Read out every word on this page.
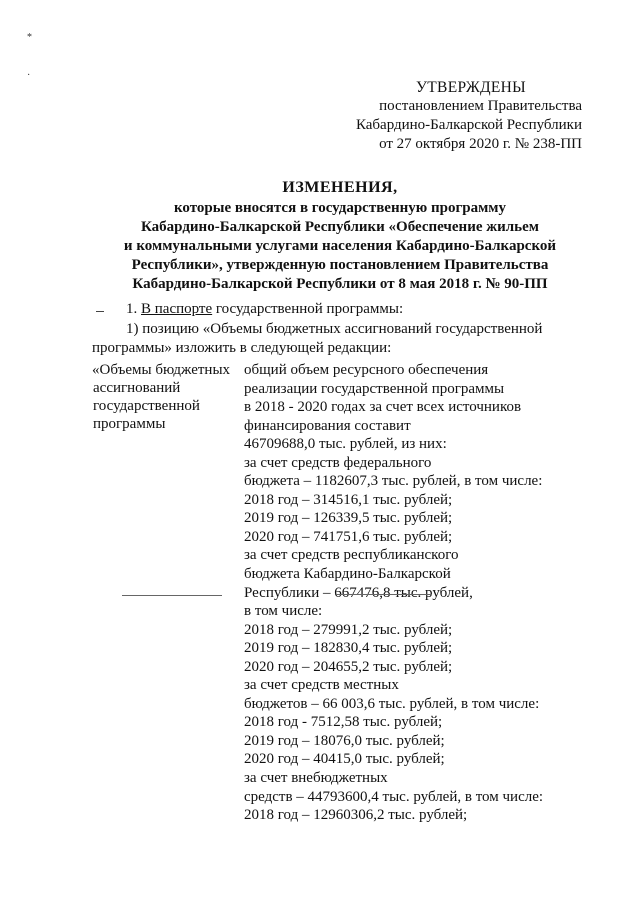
*
·
УТВЕРЖДЕНЫ
постановлением Правительства
Кабардино-Балкарской Республики
от 27 октября 2020 г. № 238-ПП
ИЗМЕНЕНИЯ,
которые вносятся в государственную программу
Кабардино-Балкарской Республики «Обеспечение жильем
и коммунальными услугами населения Кабардино-Балкарской
Республики», утвержденную постановлением Правительства
Кабардино-Балкарской Республики от 8 мая 2018 г. № 90-ПП
1. В паспорте государственной программы:
1) позицию «Объемы бюджетных ассигнований государственной
программы» изложить в следующей редакции:
«Объемы бюджетных
ассигнований
государственной
программы
общий объем ресурсного обеспечения
реализации государственной программы
в 2018 - 2020 годах за счет всех источников
финансирования составит
46709688,0 тыс. рублей, из них:
за счет средств федерального
бюджета – 1182607,3 тыс. рублей, в том числе:
2018 год – 314516,1 тыс. рублей;
2019 год – 126339,5 тыс. рублей;
2020 год – 741751,6 тыс. рублей;
за счет средств республиканского
бюджета Кабардино-Балкарской
Республики – 667476,8 тыс. рублей,
в том числе:
2018 год – 279991,2 тыс. рублей;
2019 год – 182830,4 тыс. рублей;
2020 год – 204655,2 тыс. рублей;
за счет средств местных
бюджетов – 66 003,6 тыс. рублей, в том числе:
2018 год - 7512,58 тыс. рублей;
2019 год – 18076,0 тыс. рублей;
2020 год – 40415,0 тыс. рублей;
за счет внебюджетных
средств – 44793600,4 тыс. рублей, в том числе:
2018 год – 12960306,2 тыс. рублей;
